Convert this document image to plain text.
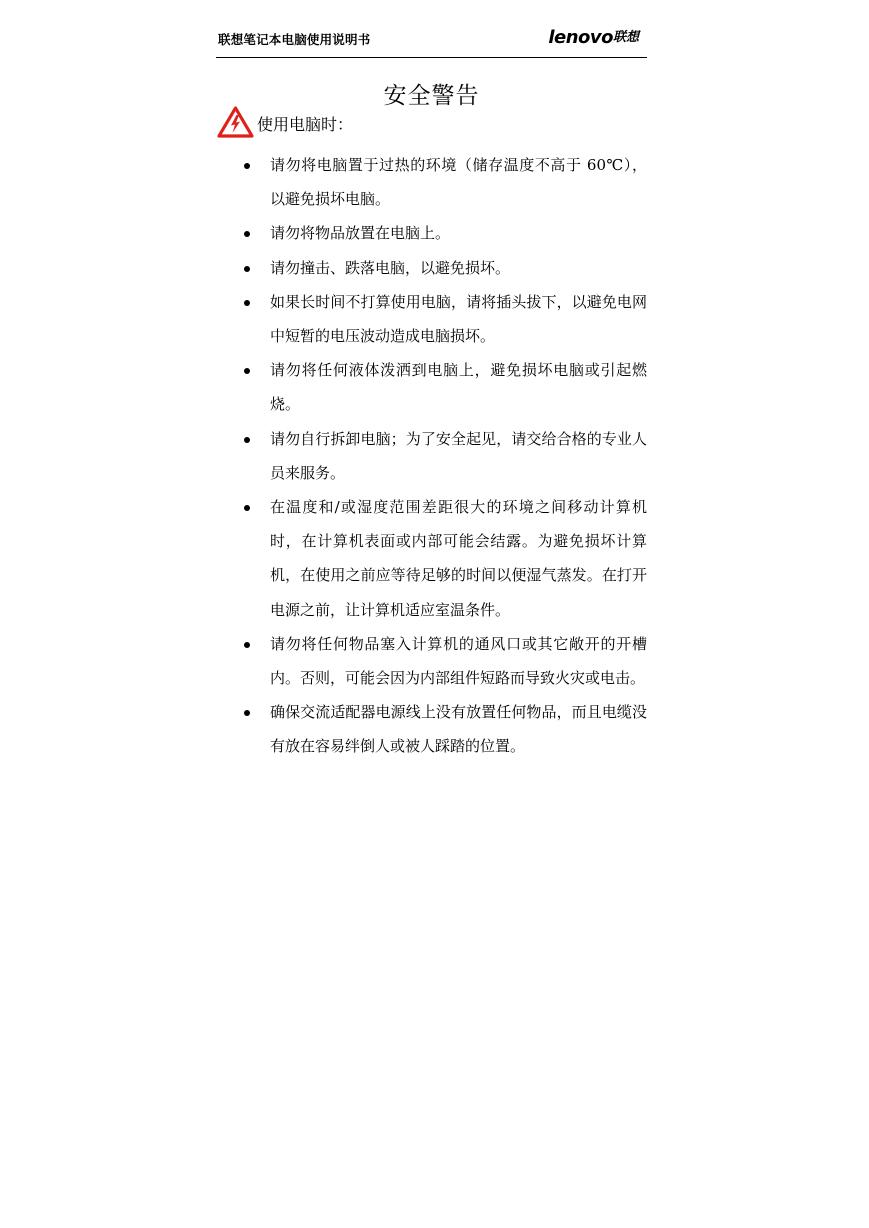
联想笔记本电脑使用说明书	lenovo 联想
安全警告
使用电脑时：
请勿将电脑置于过热的环境（储存温度不高于 60℃），以避免损坏电脑。
请勿将物品放置在电脑上。
请勿撞击、跌落电脑，以避免损坏。
如果长时间不打算使用电脑，请将插头拔下，以避免电网中短暂的电压波动造成电脑损坏。
请勿将任何液体泼洒到电脑上，避免损坏电脑或引起燃烧。
请勿自行拆卸电脑；为了安全起见，请交给合格的专业人员来服务。
在温度和/或湿度范围差距很大的环境之间移动计算机时，在计算机表面或内部可能会结露。为避免损坏计算机，在使用之前应等待足够的时间以便湿气蒸发。在打开电源之前，让计算机适应室温条件。
请勿将任何物品塞入计算机的通风口或其它敞开的开槽内。否则，可能会因为内部组件短路而导致火灾或电击。
确保交流适配器电源线上没有放置任何物品，而且电缆没有放在容易绊倒人或被人踩踏的位置。
